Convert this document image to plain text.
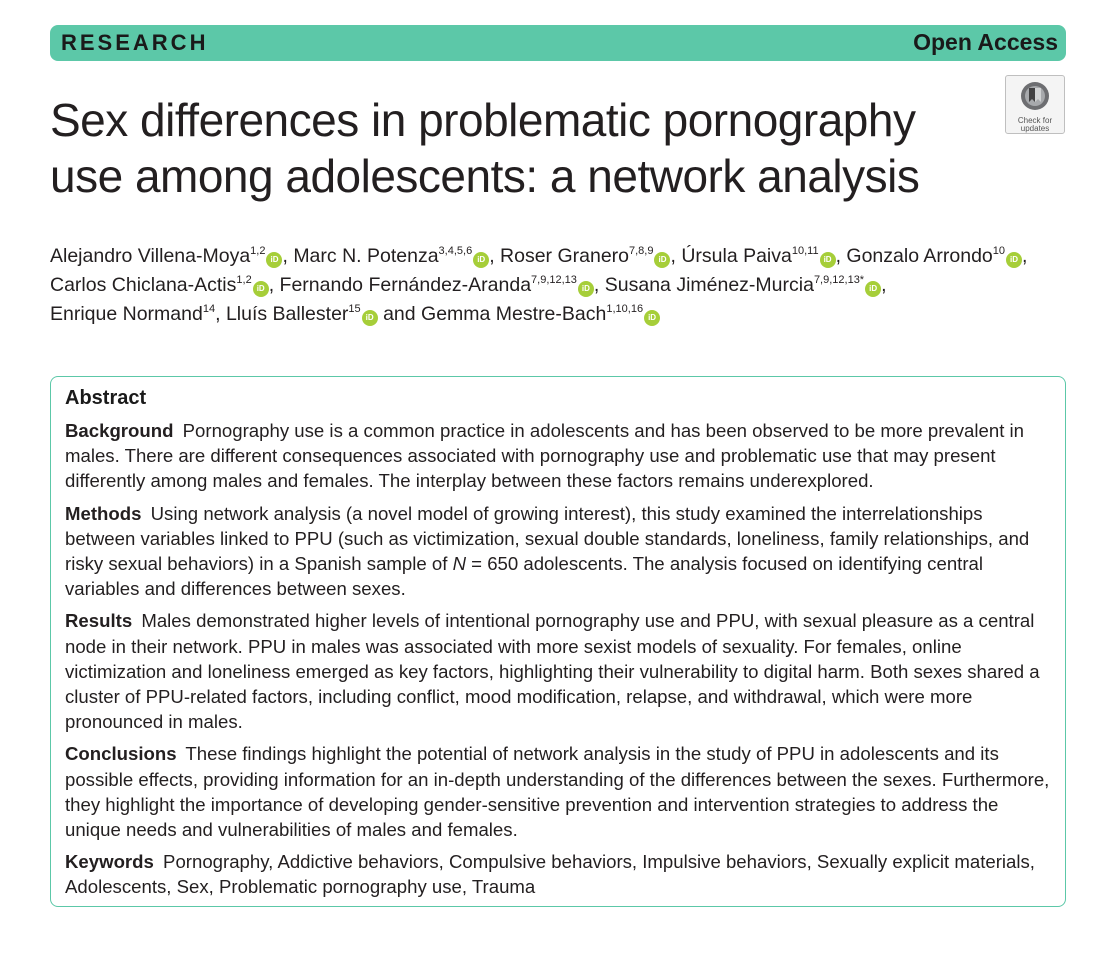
RESEARCH	Open Access
Sex differences in problematic pornography use among adolescents: a network analysis
Check for
updates
Alejandro Villena-Moya$^{1,2}$iD , Marc N. Potenza$^{3,4,5,6}$iD , Roser Granero$^{7,8,9}$iD , Úrsula Paiva$^{10,11}$iD , Gonzalo Arrondo$^{10}$iD ,
Carlos Chiclana-Actis$^{1,2}$iD , Fernando Fernández-Aranda$^{7,9,12,13}$iD , Susana Jiménez-Murcia$^{7,9,12,13*}$iD ,
Enrique Normand$^{14}$, Lluís Ballester$^{15}$iD and Gemma Mestre-Bach$^{1,10,16}$iD
Abstract

Background Pornography use is a common practice in adolescents and has been observed to be more prevalent in males. There are different consequences associated with pornography use and problematic use that may present differently among males and females. The interplay between these factors remains underexplored.

Methods Using network analysis (a novel model of growing interest), this study examined the interrelationships between variables linked to PPU (such as victimization, sexual double standards, loneliness, family relationships, and risky sexual behaviors) in a Spanish sample of N = 650 adolescents. The analysis focused on identifying central variables and differences between sexes.

Results Males demonstrated higher levels of intentional pornography use and PPU, with sexual pleasure as a central node in their network. PPU in males was associated with more sexist models of sexuality. For females, online victimization and loneliness emerged as key factors, highlighting their vulnerability to digital harm. Both sexes shared a cluster of PPU-related factors, including conflict, mood modification, relapse, and withdrawal, which were more pronounced in males.

Conclusions These findings highlight the potential of network analysis in the study of PPU in adolescents and its possible effects, providing information for an in-depth understanding of the differences between the sexes. Furthermore, they highlight the importance of developing gender-sensitive prevention and intervention strategies to address the unique needs and vulnerabilities of males and females.

Keywords Pornography, Addictive behaviors, Compulsive behaviors, Impulsive behaviors, Sexually explicit materials, Adolescents, Sex, Problematic pornography use, Trauma
